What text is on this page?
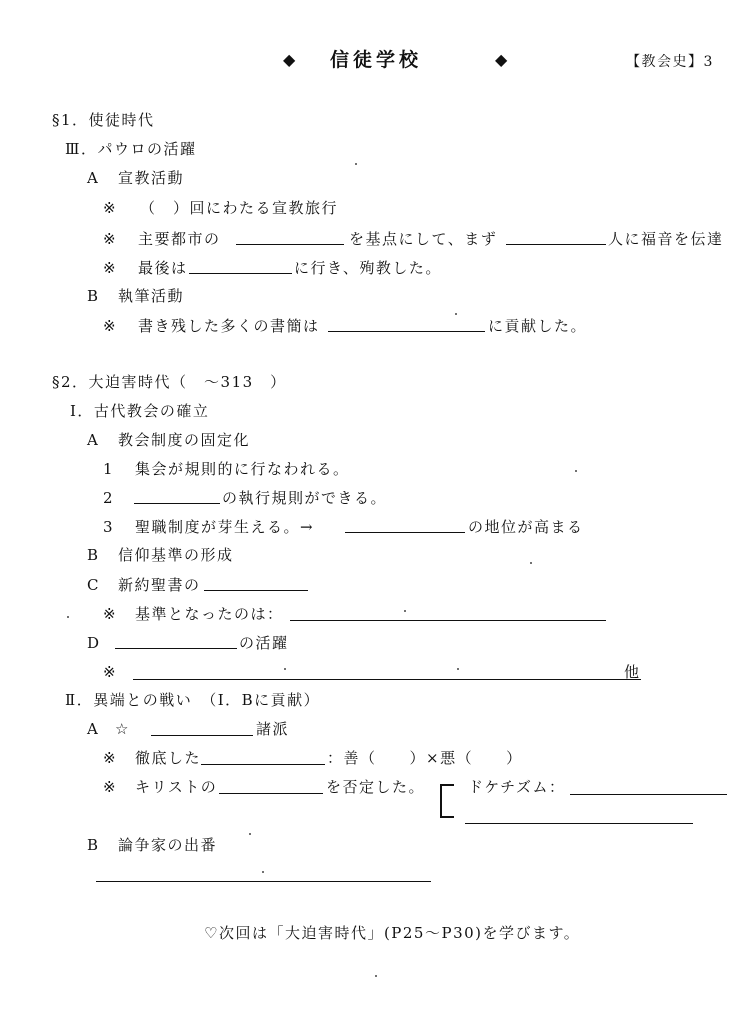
◆ 信徒学校	◆	【教会史】3
§1．使徒時代
Ⅲ．パウロの活躍
A 宣教活動
※ （　）回にわたる宣教旅行
※ 主要都市の	を基点にして、まず	人に福音を伝達
※ 最後は	に行き、殉教した。
B 執筆活動
※ 書き残した多くの書簡は	に貢献した。
§2．大迫害時代（　～313　）
Ⅰ．古代教会の確立
A 教会制度の固定化
1 集会が規則的に行なわれる。
2	の執行規則ができる。
3 聖職制度が芽生える。→	の地位が高まる
B 信仰基準の形成
C 新約聖書の
※ 基準となったのは：
D	の活躍
※	他
Ⅱ．異端との戦い　（Ⅰ．Bに貢献）
A ☆	諸派
※ 徹底した	：善（　　）×悪（　　）
※ キリストの	を否定した。	ドケチズム：
B 論争家の出番
♡次回は「大迫害時代」(P25～P30)を学びます。
